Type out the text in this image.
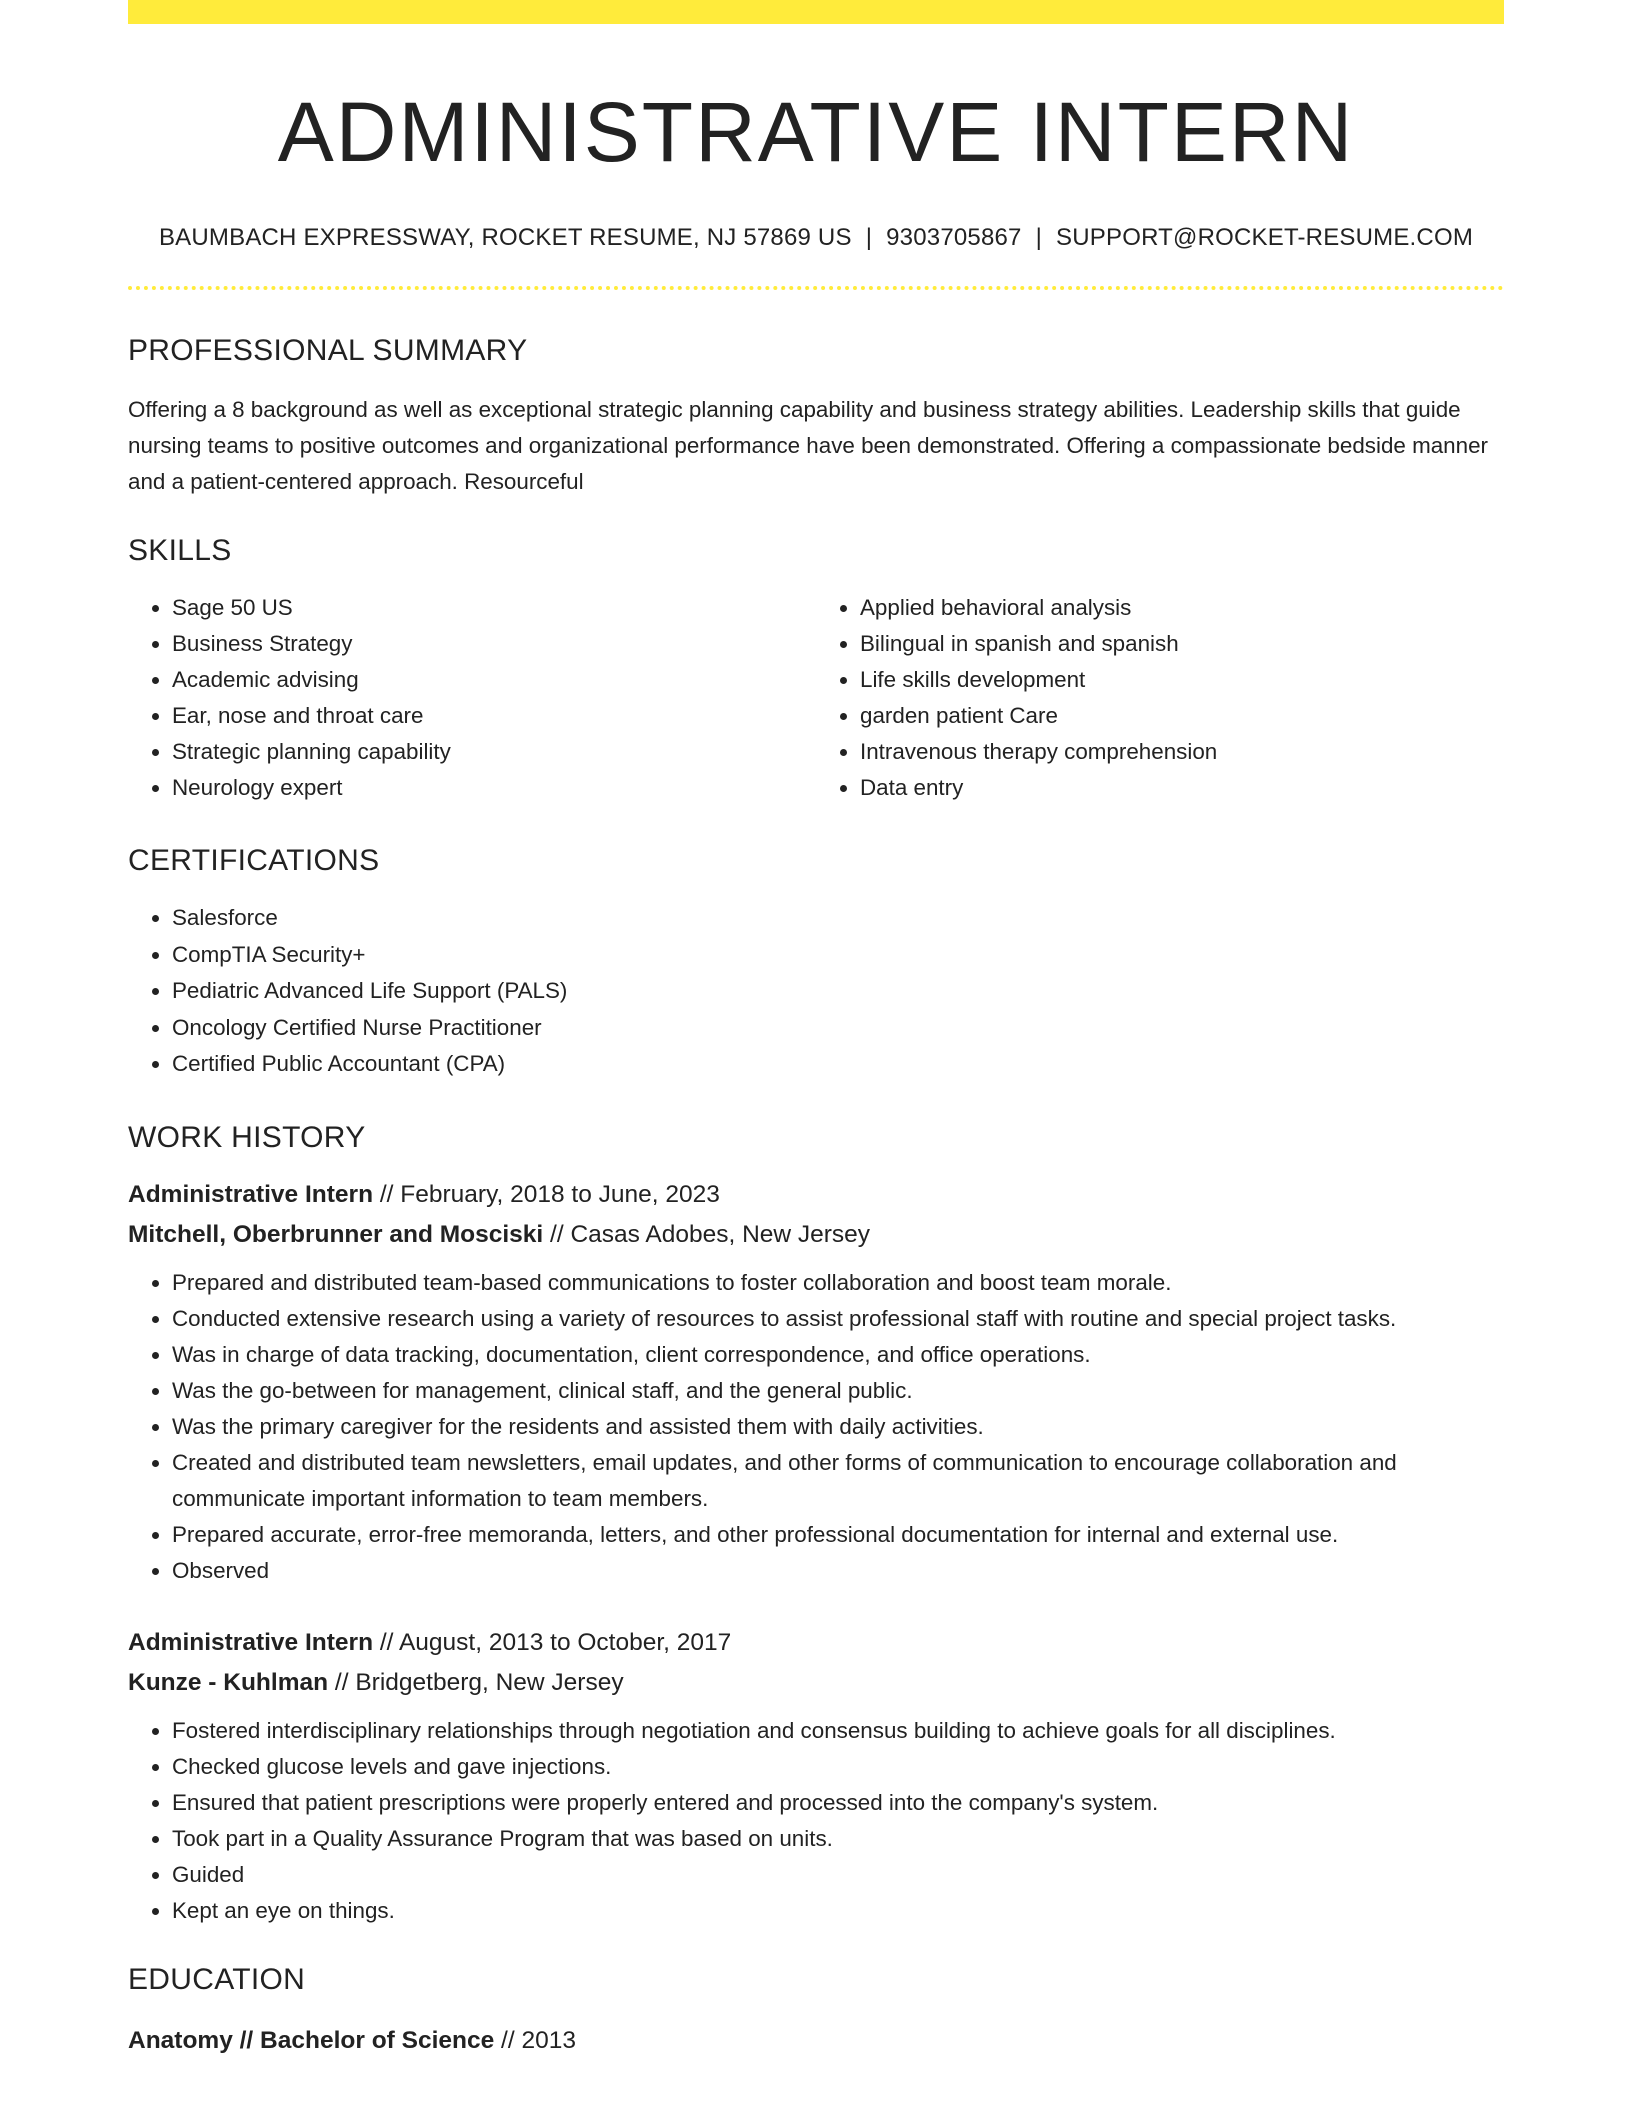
ADMINISTRATIVE INTERN
BAUMBACH EXPRESSWAY, ROCKET RESUME, NJ 57869 US | 9303705867 | SUPPORT@ROCKET-RESUME.COM
PROFESSIONAL SUMMARY
Offering a 8 background as well as exceptional strategic planning capability and business strategy abilities. Leadership skills that guide nursing teams to positive outcomes and organizational performance have been demonstrated. Offering a compassionate bedside manner and a patient-centered approach. Resourceful
SKILLS
• Sage 50 US
• Business Strategy
• Academic advising
• Ear, nose and throat care
• Strategic planning capability
• Neurology expert
• Applied behavioral analysis
• Bilingual in spanish and spanish
• Life skills development
• garden patient Care
• Intravenous therapy comprehension
• Data entry
CERTIFICATIONS
• Salesforce
• CompTIA Security+
• Pediatric Advanced Life Support (PALS)
• Oncology Certified Nurse Practitioner
• Certified Public Accountant (CPA)
WORK HISTORY
Administrative Intern // February, 2018 to June, 2023
Mitchell, Oberbrunner and Mosciski // Casas Adobes, New Jersey
• Prepared and distributed team-based communications to foster collaboration and boost team morale.
• Conducted extensive research using a variety of resources to assist professional staff with routine and special project tasks.
• Was in charge of data tracking, documentation, client correspondence, and office operations.
• Was the go-between for management, clinical staff, and the general public.
• Was the primary caregiver for the residents and assisted them with daily activities.
• Created and distributed team newsletters, email updates, and other forms of communication to encourage collaboration and communicate important information to team members.
• Prepared accurate, error-free memoranda, letters, and other professional documentation for internal and external use.
• Observed
Administrative Intern // August, 2013 to October, 2017
Kunze - Kuhlman // Bridgetberg, New Jersey
• Fostered interdisciplinary relationships through negotiation and consensus building to achieve goals for all disciplines.
• Checked glucose levels and gave injections.
• Ensured that patient prescriptions were properly entered and processed into the company's system.
• Took part in a Quality Assurance Program that was based on units.
• Guided
• Kept an eye on things.
EDUCATION
Anatomy // Bachelor of Science // 2013
